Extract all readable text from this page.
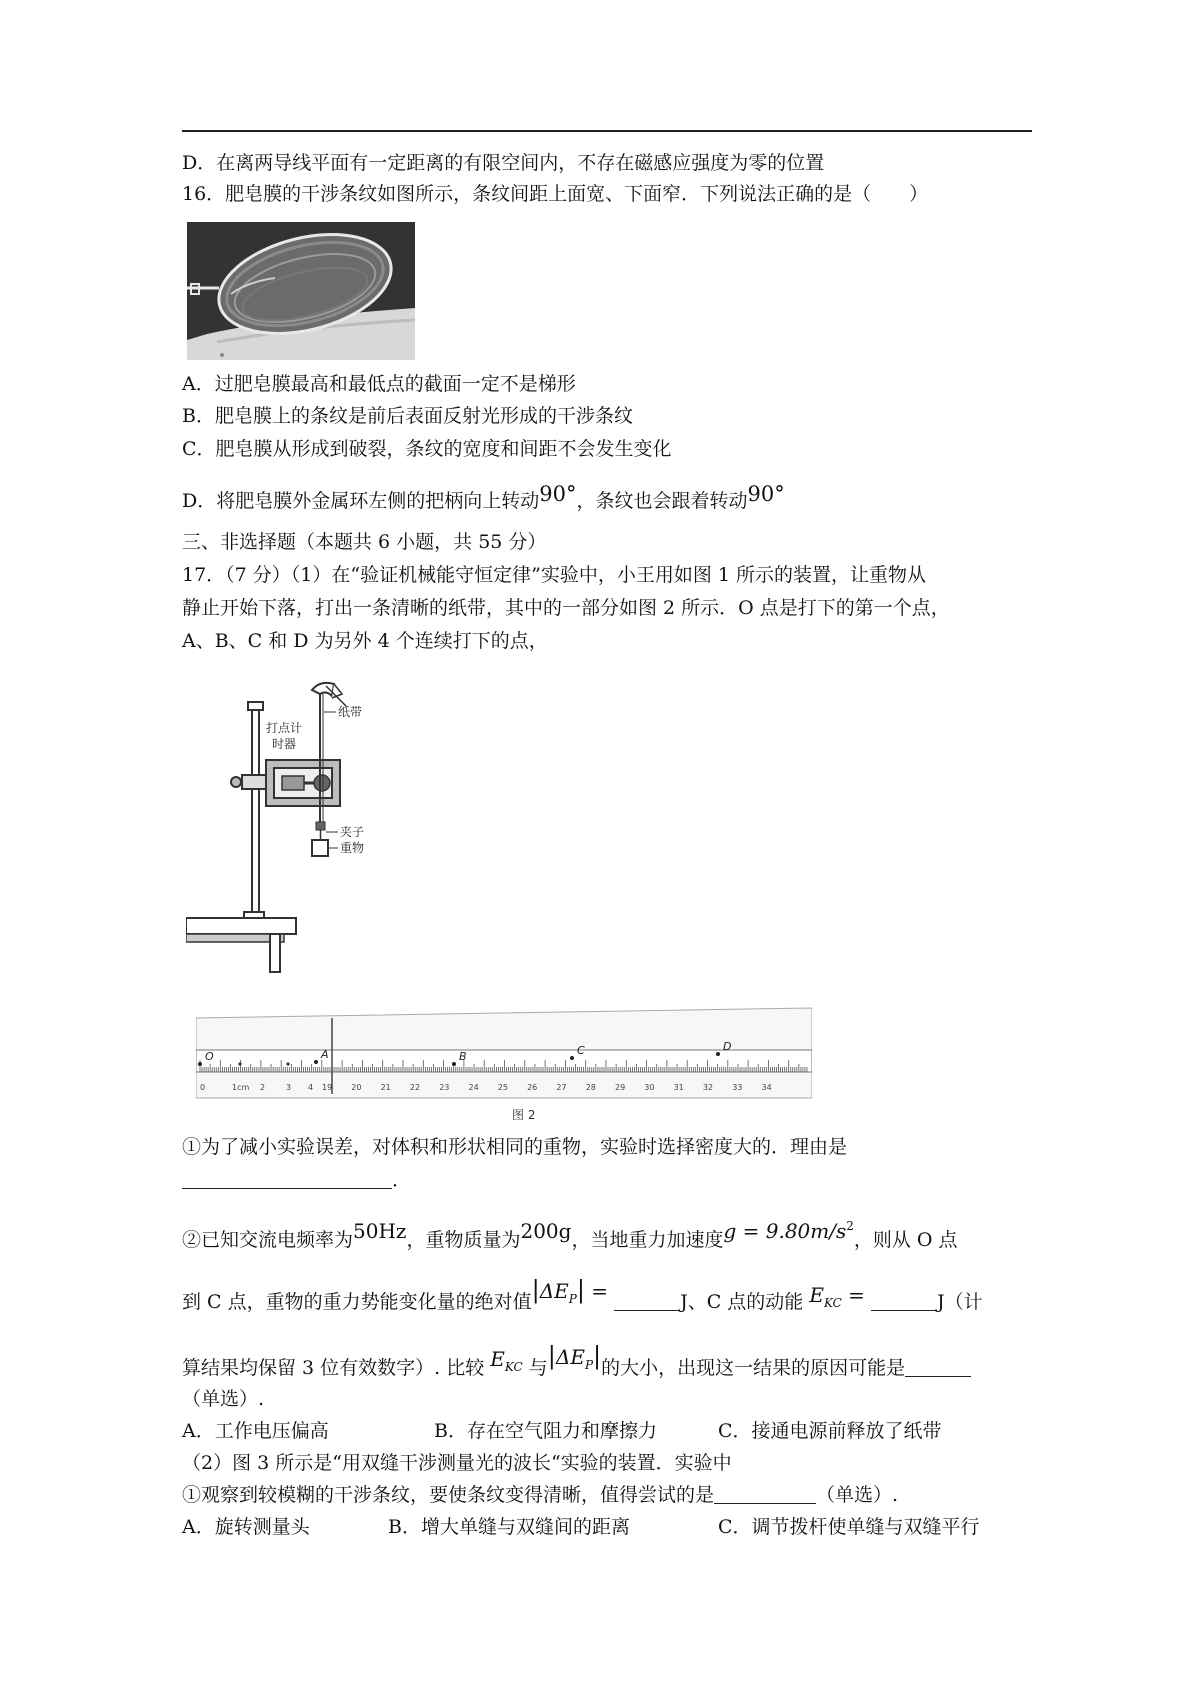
D．在离两导线平面有一定距离的有限空间内，不存在磁感应强度为零的位置
16．肥皂膜的干涉条纹如图所示，条纹间距上面宽、下面窄．下列说法正确的是（　　）
A．过肥皂膜最高和最低点的截面一定不是梯形
B．肥皂膜上的条纹是前后表面反射光形成的干涉条纹
C．肥皂膜从形成到破裂，条纹的宽度和间距不会发生变化
D．将肥皂膜外金属环左侧的把柄向上转动90°，条纹也会跟着转动90°
三、非选择题（本题共 6 小题，共 55 分）
17．（7 分）（1）在“验证机械能守恒定律”实验中，小王用如图 1 所示的装置，让重物从
静止开始下落，打出一条清晰的纸带，其中的一部分如图 2 所示．O 点是打下的第一个点，
A、B、C 和 D 为另外 4 个连续打下的点，
打点计
时器
纸带
夹子
重物
0	1cm 2	3 4 19 20 21 22 23 24 25 26 27 28 29 30 31 32 33 34
O	A	B	C	D
图 2
①为了减小实验误差，对体积和形状相同的重物，实验时选择密度大的．理由是
．
②已知交流电频率为50Hz，重物质量为200g，当地重力加速度$g = 9.80m/s^2$，则从 O 点
到 C 点，重物的重力势能变化量的绝对值$|\Delta E_P|$ =	J、C 点的动能 $E_{KC}$ =	J（计
算结果均保留 3 位有效数字）. 比较 $E_{KC}$ 与$|\Delta E_P|$的大小，出现这一结果的原因可能是
（单选）.
A．工作电压偏高	B．存在空气阻力和摩擦力	C．接通电源前释放了纸带
（2）图 3 所示是“用双缝干涉测量光的波长“实验的装置．实验中
①观察到较模糊的干涉条纹，要使条纹变得清晰，值得尝试的是	（单选）.
A．旋转测量头	B．增大单缝与双缝间的距离	C．调节拨杆使单缝与双缝平行
